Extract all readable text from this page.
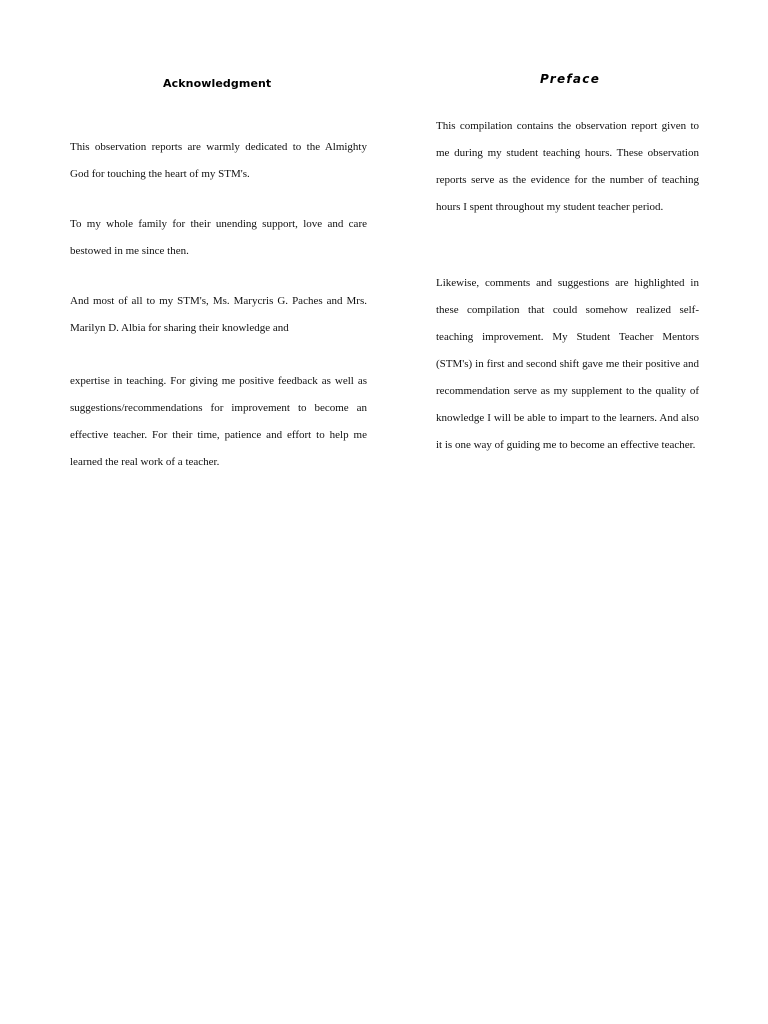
Acknowledgment

This observation reports are warmly dedicated to the Almighty God for touching the heart of my STM's.

To my whole family for their unending support, love and care bestowed in me since then.

And most of all to my STM's, Ms. Marycris G. Paches and Mrs. Marilyn D. Albia for sharing their knowledge and

expertise in teaching. For giving me positive feedback as well as suggestions/recommendations for improvement to become an effective teacher. For their time, patience and effort to help me learned the real work of a teacher.

Preface

This compilation contains the observation report given to me during my student teaching hours. These observation reports serve as the evidence for the number of teaching hours I spent throughout my student teacher period.

Likewise, comments and suggestions are highlighted in these compilation that could somehow realized self-teaching improvement. My Student Teacher Mentors (STM's) in first and second shift gave me their positive and recommendation serve as my supplement to the quality of knowledge I will be able to impart to the learners. And also it is one way of guiding me to become an effective teacher.
